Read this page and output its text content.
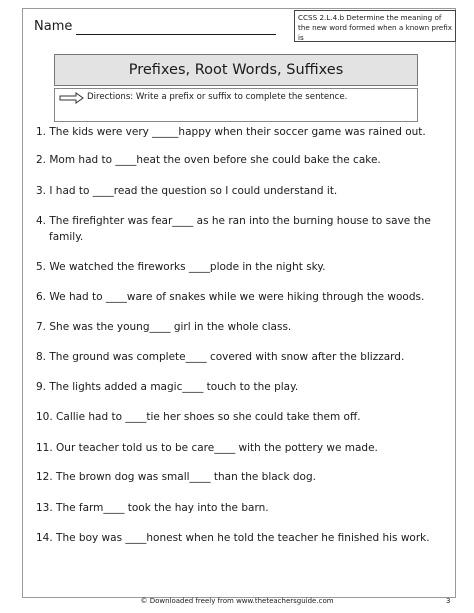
Name
CCSS 2.L.4.b Determine the meaning of the new word formed when a known prefix is
Prefixes, Root Words, Suffixes
Directions: Write a prefix or suffix to complete the sentence.
1. The kids were very _____happy when their soccer game was rained out.
2. Mom had to ____heat the oven before she could bake the cake.
3. I had to ____read the question so I could understand it.
4. The firefighter was fear____ as he ran into the burning house to save the
family.
5. We watched the fireworks ____plode in the night sky.
6. We had to ____ware of snakes while we were hiking through the woods.
7. She was the young____ girl in the whole class.
8. The ground was complete____ covered with snow after the blizzard.
9. The lights added a magic____ touch to the play.
10. Callie had to ____tie her shoes so she could take them off.
11. Our teacher told us to be care____ with the pottery we made.
12. The brown dog was small____ than the black dog.
13. The farm____ took the hay into the barn.
14. The boy was ____honest when he told the teacher he finished his work.
© Downloaded freely from www.theteachersguide.com	3
